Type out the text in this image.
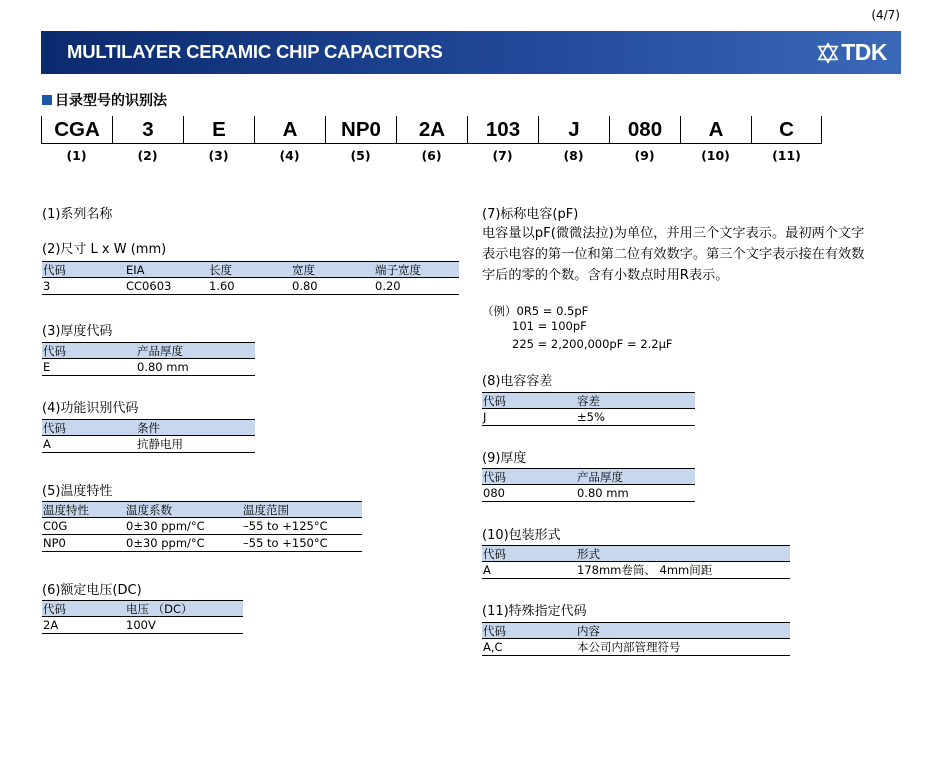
(4/7)
MULTILAYER CERAMIC CHIP CAPACITORS	TDK
目录型号的识别法
CGA	3	E	A	NP0	2A	103	J	080	A	C
(1)	(2)	(3)	(4)	(5)	(6)	(7)	(8)	(9)	(10)	(11)
(1)系列名称
(2)尺寸 L x W (mm)
代码	EIA	长度	宽度	端子宽度
3	CC0603	1.60	0.80	0.20
(3)厚度代码
代码	产品厚度
E	0.80 mm
(4)功能识别代码
代码	条件
A	抗静电用
(5)温度特性
温度特性	温度系数	温度范围
C0G	0±30 ppm/°C	–55 to +125°C
NP0	0±30 ppm/°C	–55 to +150°C
(6)额定电压(DC)
代码	电压 （DC）
2A	100V
(7)标称电容(pF)
电容量以pF(微微法拉)为单位，并用三个文字表示。最初两个文字
表示电容的第一位和第二位有效数字。第三个文字表示接在有效数
字后的零的个数。含有小数点时用R表示。
（例）0R5 = 0.5pF
101 = 100pF
225 = 2,200,000pF = 2.2µF
(8)电容容差
代码	容差
J	±5%
(9)厚度
代码	产品厚度
080	0.80 mm
(10)包装形式
代码	形式
A	178mm卷筒、 4mm间距
(11)特殊指定代码
代码	内容
A,C	本公司内部管理符号
